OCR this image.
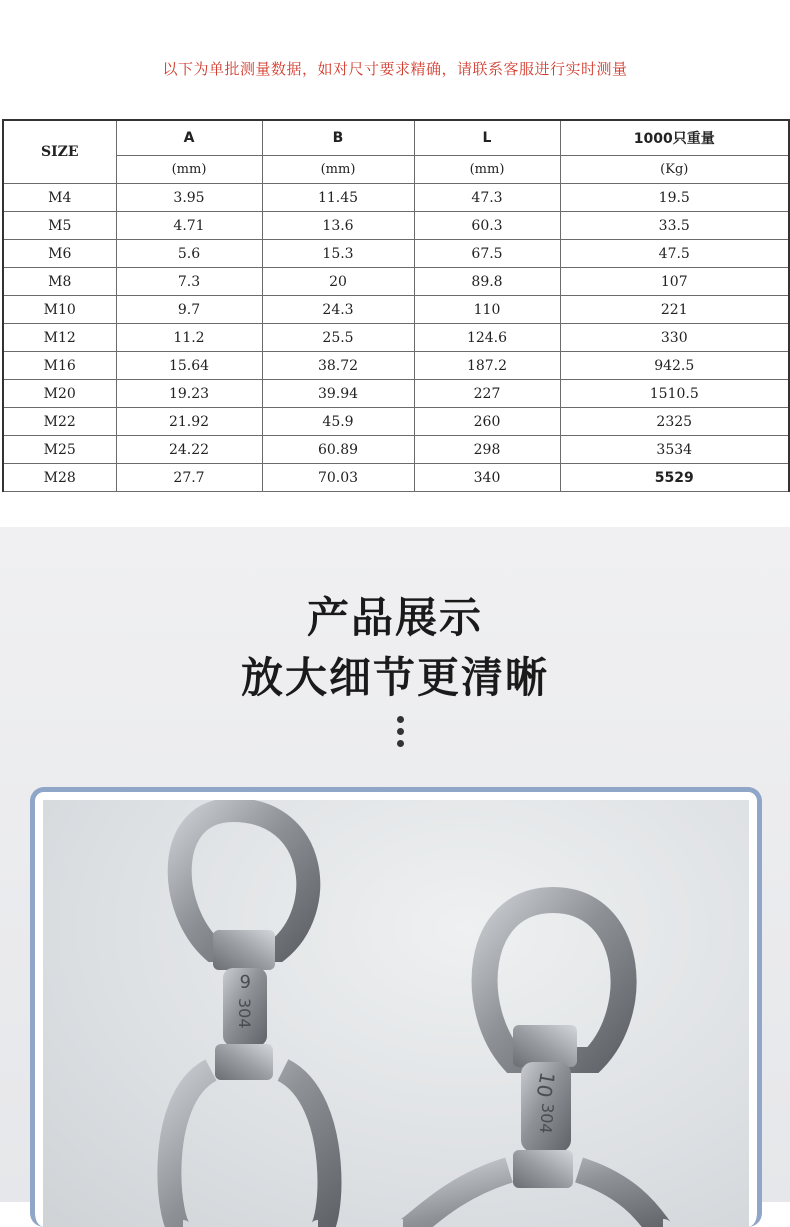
以下为单批测量数据，如对尺寸要求精确，请联系客服进行实时测量
SIZE	A	B	L	1000只重量
	(mm)	(mm)	(mm)	(Kg)
M4	3.95	11.45	47.3	19.5
M5	4.71	13.6	60.3	33.5
M6	5.6	15.3	67.5	47.5
M8	7.3	20	89.8	107
M10	9.7	24.3	110	221
M12	11.2	25.5	124.6	330
M16	15.64	38.72	187.2	942.5
M20	19.23	39.94	227	1510.5
M22	21.92	45.9	260	2325
M25	24.22	60.89	298	3534
M28	27.7	70.03	340	5529
产品展示
放大细节更清晰
6
304
10
304
